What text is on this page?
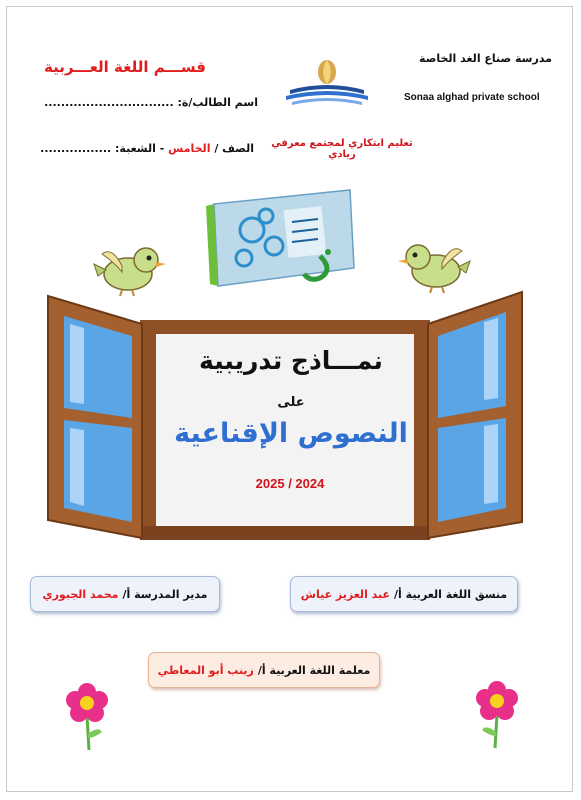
مدرسة صناع الغد الخاصة
Sonaa alghad private school
تعليم ابتكاري لمجتمع معرفي ريادي
قســـم اللغة العـــربية
اسم الطالب/ة: ...............................
الصف / الخامس - الشعبة: .................
نمـــاذج تدريبية
على
النصوص الإقناعية
2025 / 2024
منسق اللغة العربية أ/
عبد العزيز عياش
مدير المدرسة أ/
محمد الجبوري
معلمة اللغة العربية أ/
زينب أبو المعاطي
